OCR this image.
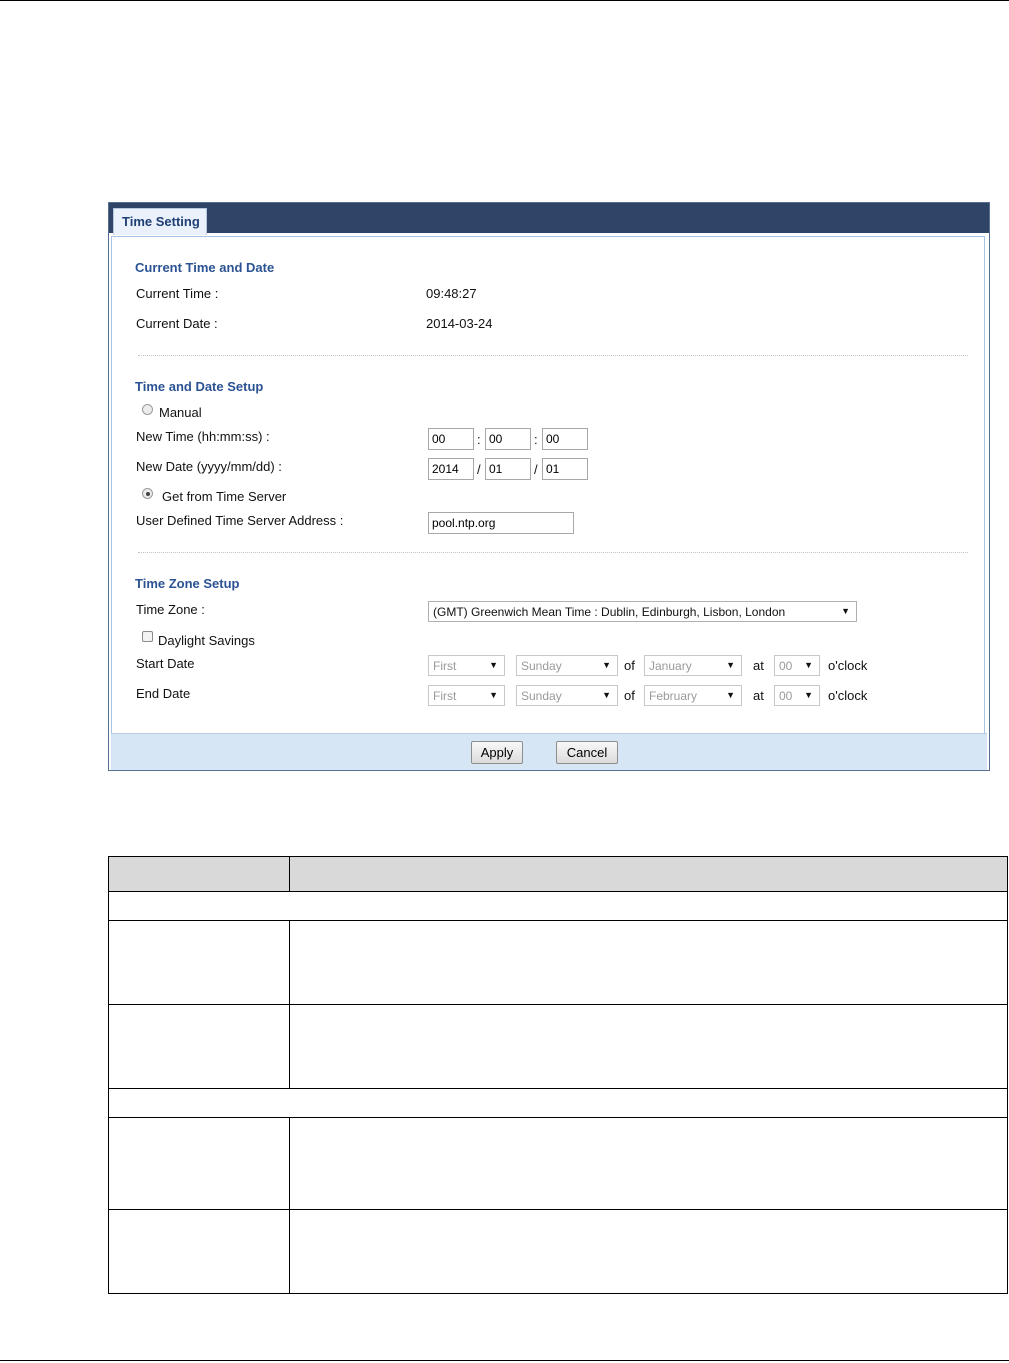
Time Setting
Current Time and Date
Current Time :	09:48:27
Current Date :	2014-03-24
Time and Date Setup
Manual
New Time (hh:mm:ss) :
00	:
00	:
00
New Date (yyyy/mm/dd) :
2014	/
01	/
01
Get from Time Server
User Defined Time Server Address :
pool.ntp.org
Time Zone Setup
Time Zone :	(GMT) Greenwich Mean Time : Dublin, Edinburgh, Lisbon, London	▼
Daylight Savings
Start Date	First	▼	Sunday	▼ of	January	▼ at	00 ▼ o'clock
End Date	First	▼	Sunday	▼ of	February	▼ at	00 ▼ o'clock
Apply	Cancel
